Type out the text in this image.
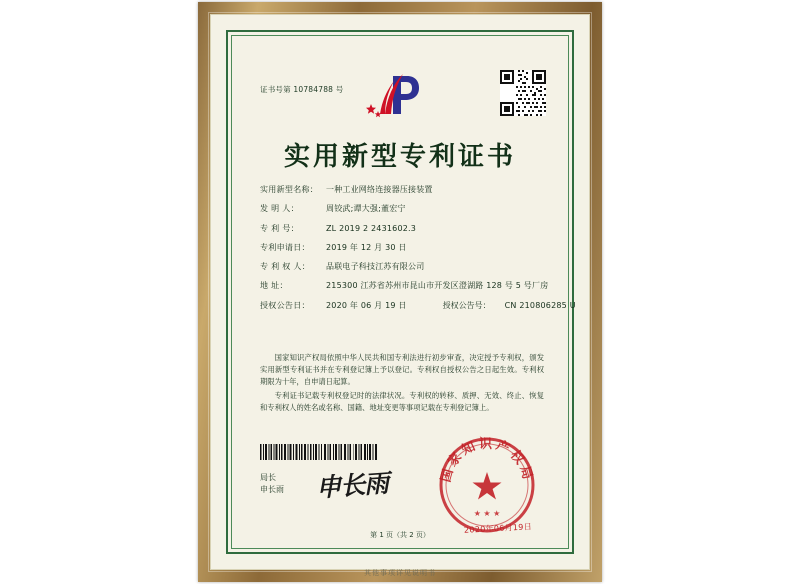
证书号第 10784788 号
实用新型专利证书
实用新型名称： 一种工业网络连接器压接装置
发 明 人：	周铰武;谭大强;董宏宁
专 利 号：	ZL 2019 2 2431602.3
专利申请日：	2019 年 12 月 30 日
专 利 权 人：	品联电子科技江苏有限公司
地 址：	215300 江苏省苏州市昆山市开发区澄湖路 128 号 5 号厂房
授权公告日：	2020 年 06 月 19 日	授权公告号：	CN 210806285 U

国家知识产权局依照中华人民共和国专利法进行初步审查，决定授予专利权，颁发实用新型专利证书并在专利登记簿上予以登记。专利权自授权公告之日起生效。专利权期限为十年，自申请日起算。

专利证书记载专利权登记时的法律状况。专利权的转移、质押、无效、终止、恢复和专利权人的姓名或名称、国籍、地址变更等事项记载在专利登记簿上。

局长
申长雨 申长雨	国家知识产权局
★ ★ ★
2020年06月19日
第 1 页（共 2 页）
其他事项详见说明书
